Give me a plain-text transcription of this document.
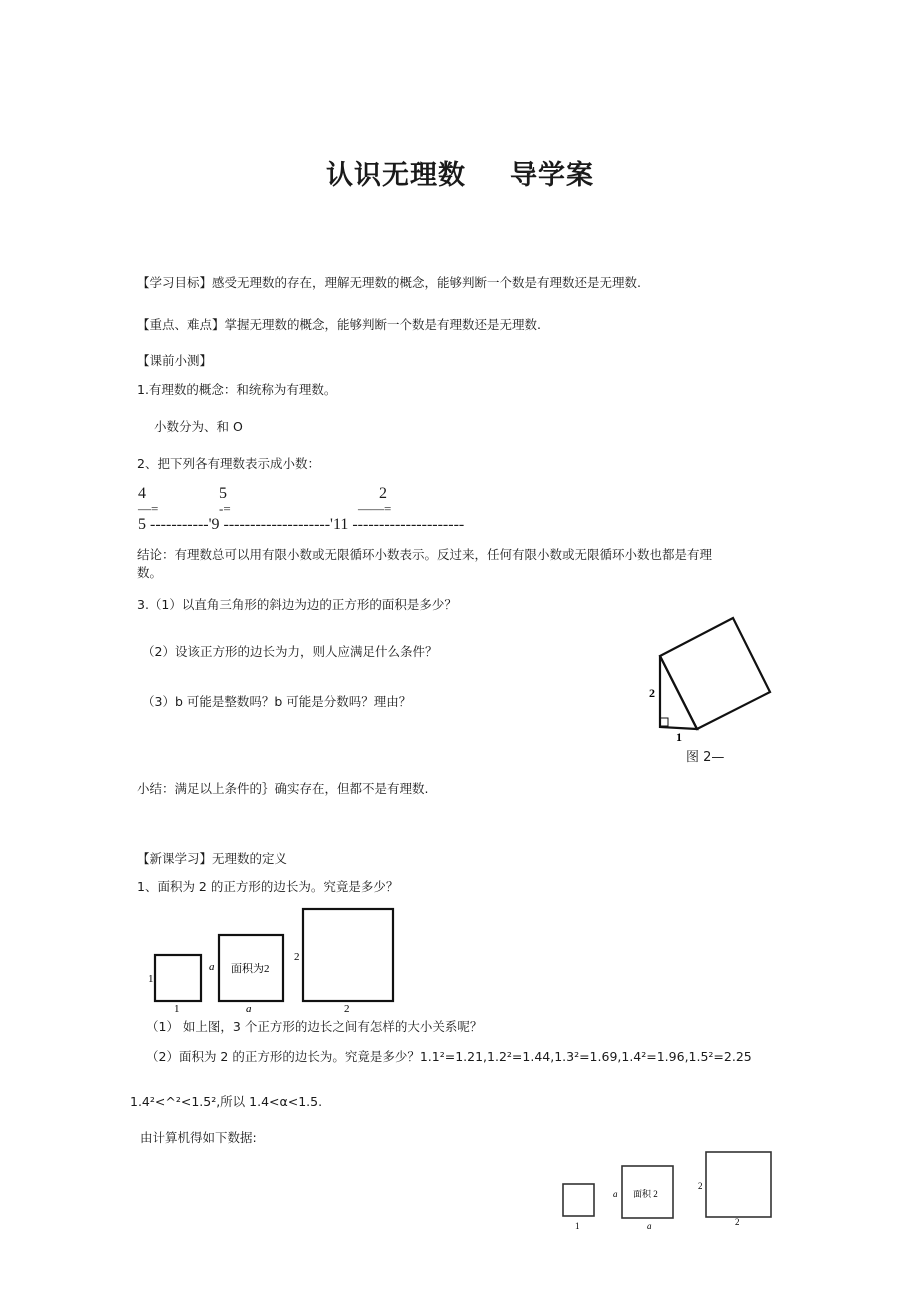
认识无理数 导学案
【学习目标】感受无理数的存在，理解无理数的概念，能够判断一个数是有理数还是无理数.
【重点、难点】掌握无理数的概念，能够判断一个数是有理数还是无理数.
【课前小测】
1.有理数的概念：和统称为有理数。
小数分为、和 O
2、把下列各有理数表示成小数：
4
—=
5
-=
2
——=
5 -----------'9 --------------------'11 ---------------------
结论：有理数总可以用有限小数或无限循环小数表示。反过来，任何有限小数或无限循环小数也都是有理
数。
3.（1）以直角三角形的斜边为边的正方形的面积是多少？
（2）设该正方形的边长为力，则人应满足什么条件？
（3）b 可能是整数吗？b 可能是分数吗？理由？
2
1
图 2—
小结：满足以上条件的｝确实存在，但都不是有理数.
【新课学习】无理数的定义
1、面积为 2 的正方形的边长为。究竟是多少？
1
1
a 面积为2
a
2
2
（1） 如上图，3 个正方形的边长之间有怎样的大小关系呢？
（2）面积为 2 的正方形的边长为。究竟是多少？1.1²=1.21,1.2²=1.44,1.3²=1.69,1.4²=1.96,1.5²=2.25
1.4²<^²<1.5²,所以 1.4<α<1.5.
由计算机得如下数据:
1
a 面积 2
a
2
2
